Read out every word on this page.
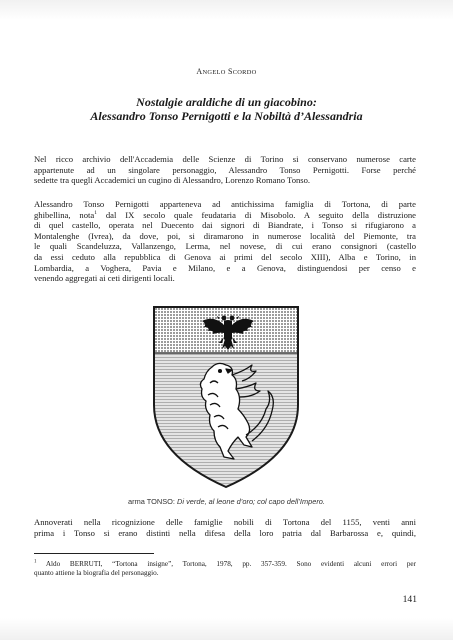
ANGELO SCORDO
Nostalgie araldiche di un giacobino:
Alessandro Tonso Pernigotti e la Nobiltà d’Alessandria
Nel ricco archivio dell'Accademia delle Scienze di Torino si conservano numerose carte
appartenute ad un singolare personaggio, Alessandro Tonso Pernigotti. Forse perché
sedette tra quegli Accademici un cugino di Alessandro, Lorenzo Romano Tonso.
Alessandro Tonso Pernigotti apparteneva ad antichissima famiglia di Tortona, di parte
ghibellina, nota$^1$ dal IX secolo quale feudataria di Misobolo. A seguito della distruzione
di quel castello, operata nel Duecento dai signori di Biandrate, i Tonso si rifugiarono a
Montalenghe (Ivrea), da dove, poi, si diramarono in numerose località del Piemonte, tra
le quali Scandeluzza, Vallanzengo, Lerma, nel novese, di cui erano consignori (castello
da essi ceduto alla repubblica di Genova ai primi del secolo XIII), Alba e Torino, in
Lombardia, a Voghera, Pavia e Milano, e a Genova, distinguendosi per censo e
venendo aggregati ai ceti dirigenti locali.
arma TONSO: Di verde, al leone d’oro; col capo dell’Impero.
Annoverati nella ricognizione delle famiglie nobili di Tortona del 1155, venti anni
prima i Tonso si erano distinti nella difesa della loro patria dal Barbarossa e, quindi,
$^1$ Aldo BERRUTI, “Tortona insigne”, Tortona, 1978, pp. 357-359. Sono evidenti alcuni errori per
quanto attiene la biografia del personaggio.
141
